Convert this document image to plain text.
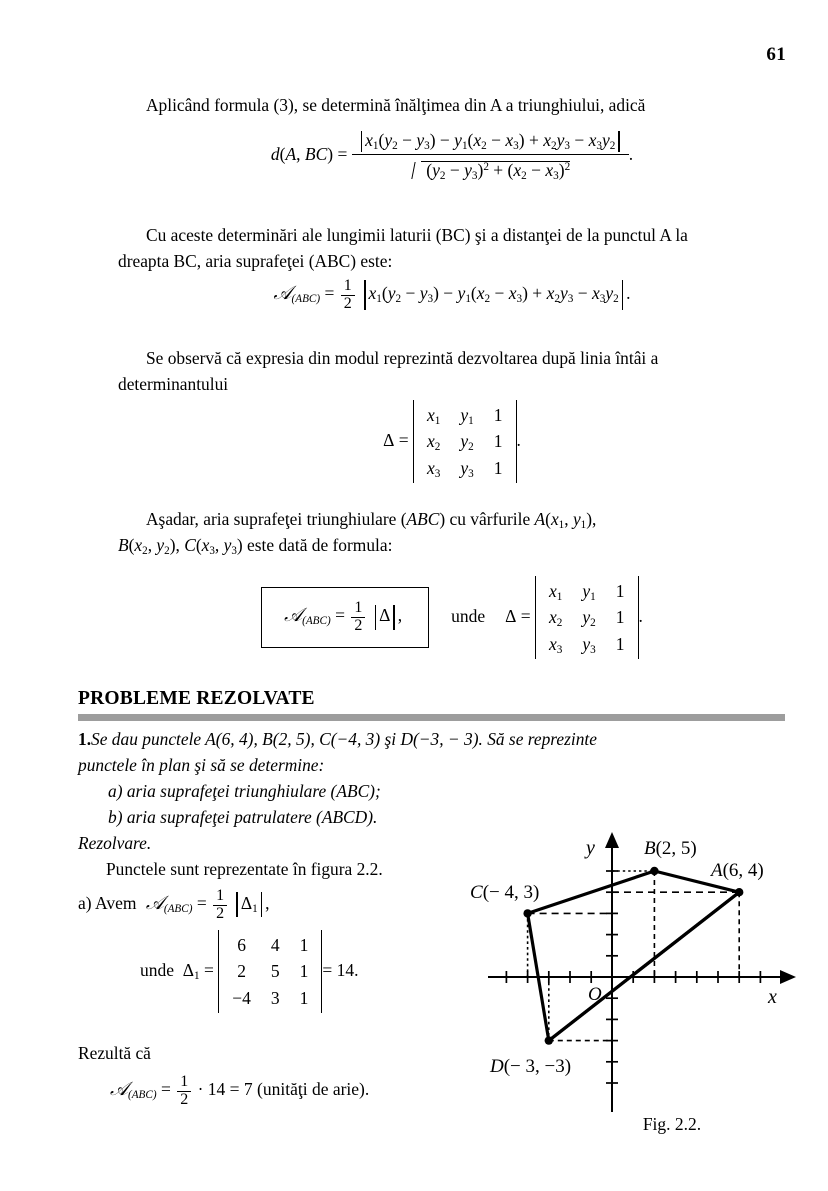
61
Aplicând formula (3), se determină înălţimea din A a triunghiului, adică
d(A, $BC) = \frac{x_1(y_2 - y_3) - y_1(x_2 - x_3) + x_2y_3 - x_3y_2}{(y_2 - y_3)^2 + (x_2 - x_3)^2}$ .
Cu aceste determinări ale lungimii laturii (BC) şi a distanţei de la punctul A la
dreapta BC, aria suprafeţei (ABC) este:
𝒜$_{(ABC)}$ = $\frac{1}{2} x_1(y_2 - y_3) - y_1(x_2 - x_3) + x_2y_3 - x_3y_2$ .
Se observă că expresia din modul reprezintă dezvoltarea după linia întâi a
determinantului
Δ =
$x_1$	$y_1$	1
$x_2$	$y_2$	1
$x_3$	$y_3$	1
.
Aşadar, aria suprafeţei triunghiulare (ABC) cu vârfurile $A(x_1$, $y_1$),
$B(x_2$, $y_2$), $C(x_3$, $y_3$) este dată de formula:
𝒜$_{(ABC)}$ = $\frac{1}{2}$ Δ ,	unde Δ =
$x_1$	$y_1$	1
$x_2$	$y_2$	1
$x_3$	$y_3$	1
.
PROBLEME REZOLVATE
1.Se dau punctele A(6, 4), B(2, 5), C(−4, 3) şi D(−3, − 3). Să se reprezinte
punctele în plan şi să se determine:
a) aria suprafeţei triunghiulare (ABC);
b) aria suprafeţei patrulatere (ABCD).
Rezolvare.
Punctele sunt reprezentate în figura 2.2.
a) Avem 𝒜$_{(ABC)}$ = $\frac{1}{2} \Delta_1$ ,
unde  $\Delta_1$ =
6	4	1
2	5	1
−4	3	1
= 14.
Rezultă că
𝒜$_{(ABC)}$ = $\frac{1}{2} \cdot 14 = 7$ (unităţi de arie).
y
x
O
B(2, 5)
A(6, 4)
C(− 4, 3)
D(− 3, −3)
Fig. 2.2.
